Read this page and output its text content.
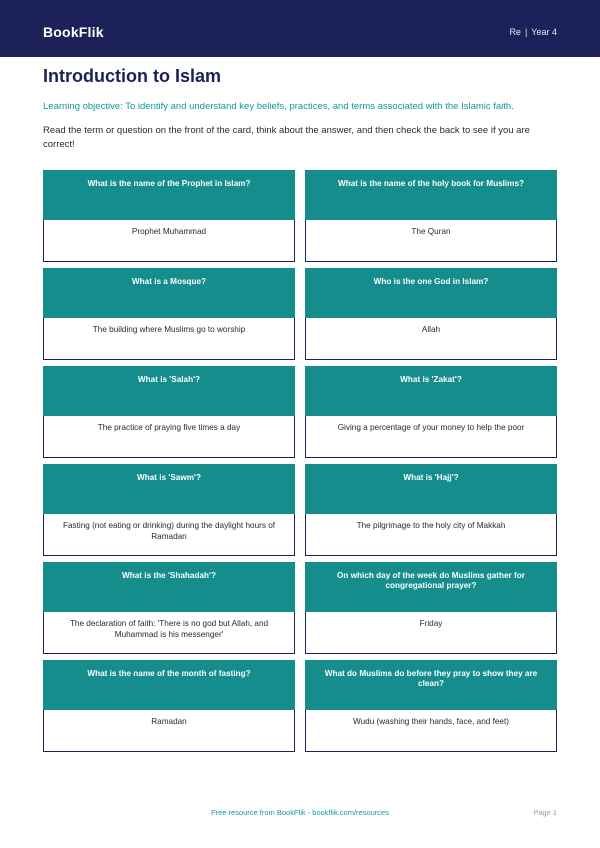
BookFlik	Re | Year 4
Introduction to Islam
Learning objective: To identify and understand key beliefs, practices, and terms associated with the Islamic faith.
Read the term or question on the front of the card, think about the answer, and then check the back to see if you are correct!
What is the name of the Prophet in Islam?
Prophet Muhammad
What is the name of the holy book for Muslims?
The Quran
What is a Mosque?
The building where Muslims go to worship
Who is the one God in Islam?
Allah
What is 'Salah'?
The practice of praying five times a day
What is 'Zakat'?
Giving a percentage of your money to help the poor
What is 'Sawm'?
Fasting (not eating or drinking) during the daylight hours of Ramadan
What is 'Hajj'?
The pilgrimage to the holy city of Makkah
What is the 'Shahadah'?
The declaration of faith: 'There is no god but Allah, and Muhammad is his messenger'
On which day of the week do Muslims gather for congregational prayer?
Friday
What is the name of the month of fasting?
Ramadan
What do Muslims do before they pray to show they are clean?
Wudu (washing their hands, face, and feet)
Free resource from BookFlik - bookflik.com/resources	Page 1
